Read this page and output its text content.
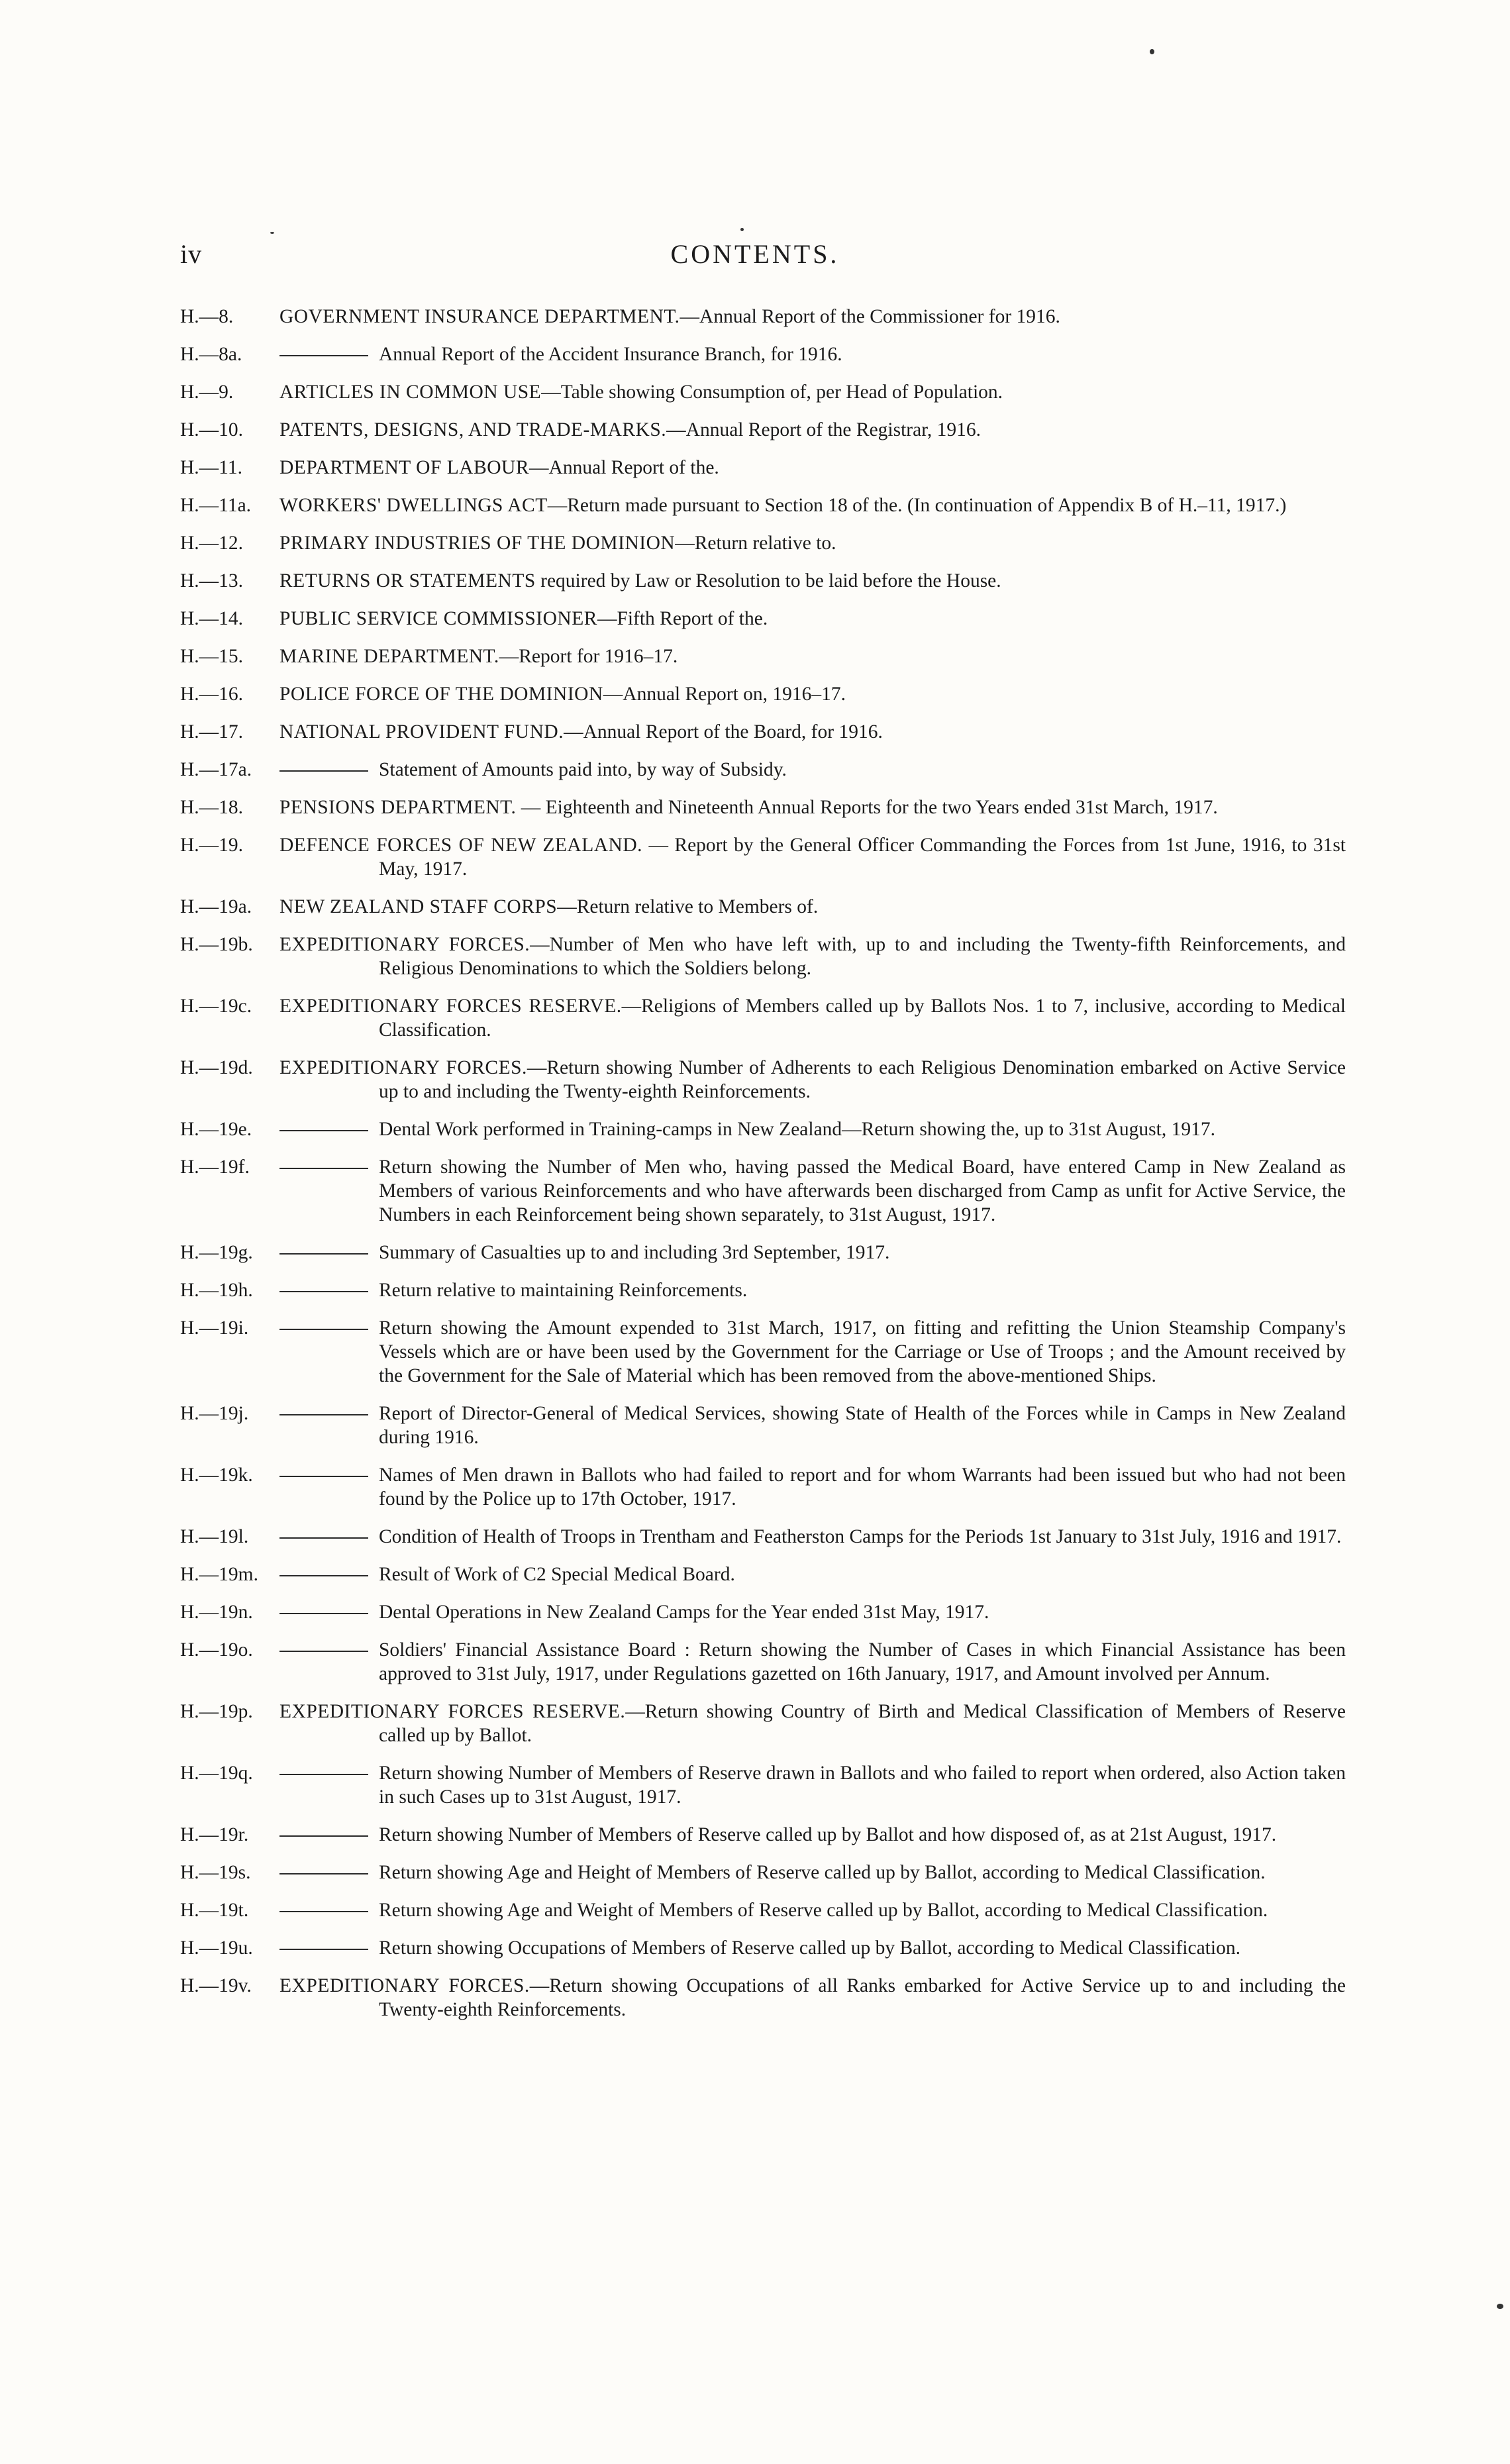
iv	CONTENTS.
H.—8.	GOVERNMENT INSURANCE DEPARTMENT.—Annual Report of the Commissioner for 1916.
H.—8a.	Annual Report of the Accident Insurance Branch, for 1916.
H.—9.	ARTICLES IN COMMON USE—Table showing Consumption of, per Head of Population.
H.—10.	PATENTS, DESIGNS, AND TRADE-MARKS.—Annual Report of the Registrar, 1916.
H.—11.	DEPARTMENT OF LABOUR—Annual Report of the.
H.—11a.	WORKERS' DWELLINGS ACT—Return made pursuant to Section 18 of the. (In continuation of Appendix B of H.–11, 1917.)
H.—12.	PRIMARY INDUSTRIES OF THE DOMINION—Return relative to.
H.—13.	RETURNS OR STATEMENTS required by Law or Resolution to be laid before the House.
H.—14.	PUBLIC SERVICE COMMISSIONER—Fifth Report of the.
H.—15.	MARINE DEPARTMENT.—Report for 1916–17.
H.—16.	POLICE FORCE OF THE DOMINION—Annual Report on, 1916–17.
H.—17.	NATIONAL PROVIDENT FUND.—Annual Report of the Board, for 1916.
H.—17a.	Statement of Amounts paid into, by way of Subsidy.
H.—18.	PENSIONS DEPARTMENT. — Eighteenth and Nineteenth Annual Reports for the two Years ended 31st March, 1917.
H.—19.	DEFENCE FORCES OF NEW ZEALAND. — Report by the General Officer Commanding the Forces from 1st June, 1916, to 31st May, 1917.
H.—19a.	NEW ZEALAND STAFF CORPS—Return relative to Members of.
H.—19b.	EXPEDITIONARY FORCES.—Number of Men who have left with, up to and including the Twenty-fifth Reinforcements, and Religious Denominations to which the Soldiers belong.
H.—19c.	EXPEDITIONARY FORCES RESERVE.—Religions of Members called up by Ballots Nos. 1 to 7, inclusive, according to Medical Classification.
H.—19d.	EXPEDITIONARY FORCES.—Return showing Number of Adherents to each Religious Denomination embarked on Active Service up to and including the Twenty-eighth Reinforcements.
H.—19e.	Dental Work performed in Training-camps in New Zealand—Return showing the, up to 31st August, 1917.
H.—19f.	Return showing the Number of Men who, having passed the Medical Board, have entered Camp in New Zealand as Members of various Reinforcements and who have afterwards been discharged from Camp as unfit for Active Service, the Numbers in each Reinforcement being shown separately, to 31st August, 1917.
H.—19g.	Summary of Casualties up to and including 3rd September, 1917.
H.—19h.	Return relative to maintaining Reinforcements.
H.—19i.	Return showing the Amount expended to 31st March, 1917, on fitting and refitting the Union Steamship Company's Vessels which are or have been used by the Government for the Carriage or Use of Troops ; and the Amount received by the Government for the Sale of Material which has been removed from the above-mentioned Ships.
H.—19j.	Report of Director-General of Medical Services, showing State of Health of the Forces while in Camps in New Zealand during 1916.
H.—19k.	Names of Men drawn in Ballots who had failed to report and for whom Warrants had been issued but who had not been found by the Police up to 17th October, 1917.
H.—19l.	Condition of Health of Troops in Trentham and Featherston Camps for the Periods 1st January to 31st July, 1916 and 1917.
H.—19m.	Result of Work of C2 Special Medical Board.
H.—19n.	Dental Operations in New Zealand Camps for the Year ended 31st May, 1917.
H.—19o.	Soldiers' Financial Assistance Board : Return showing the Number of Cases in which Financial Assistance has been approved to 31st July, 1917, under Regulations gazetted on 16th January, 1917, and Amount involved per Annum.
H.—19p.	EXPEDITIONARY FORCES RESERVE.—Return showing Country of Birth and Medical Classification of Members of Reserve called up by Ballot.
H.—19q.	Return showing Number of Members of Reserve drawn in Ballots and who failed to report when ordered, also Action taken in such Cases up to 31st August, 1917.
H.—19r.	Return showing Number of Members of Reserve called up by Ballot and how disposed of, as at 21st August, 1917.
H.—19s.	Return showing Age and Height of Members of Reserve called up by Ballot, according to Medical Classification.
H.—19t.	Return showing Age and Weight of Members of Reserve called up by Ballot, according to Medical Classification.
H.—19u.	Return showing Occupations of Members of Reserve called up by Ballot, according to Medical Classification.
H.—19v.	EXPEDITIONARY FORCES.—Return showing Occupations of all Ranks embarked for Active Service up to and including the Twenty-eighth Reinforcements.
